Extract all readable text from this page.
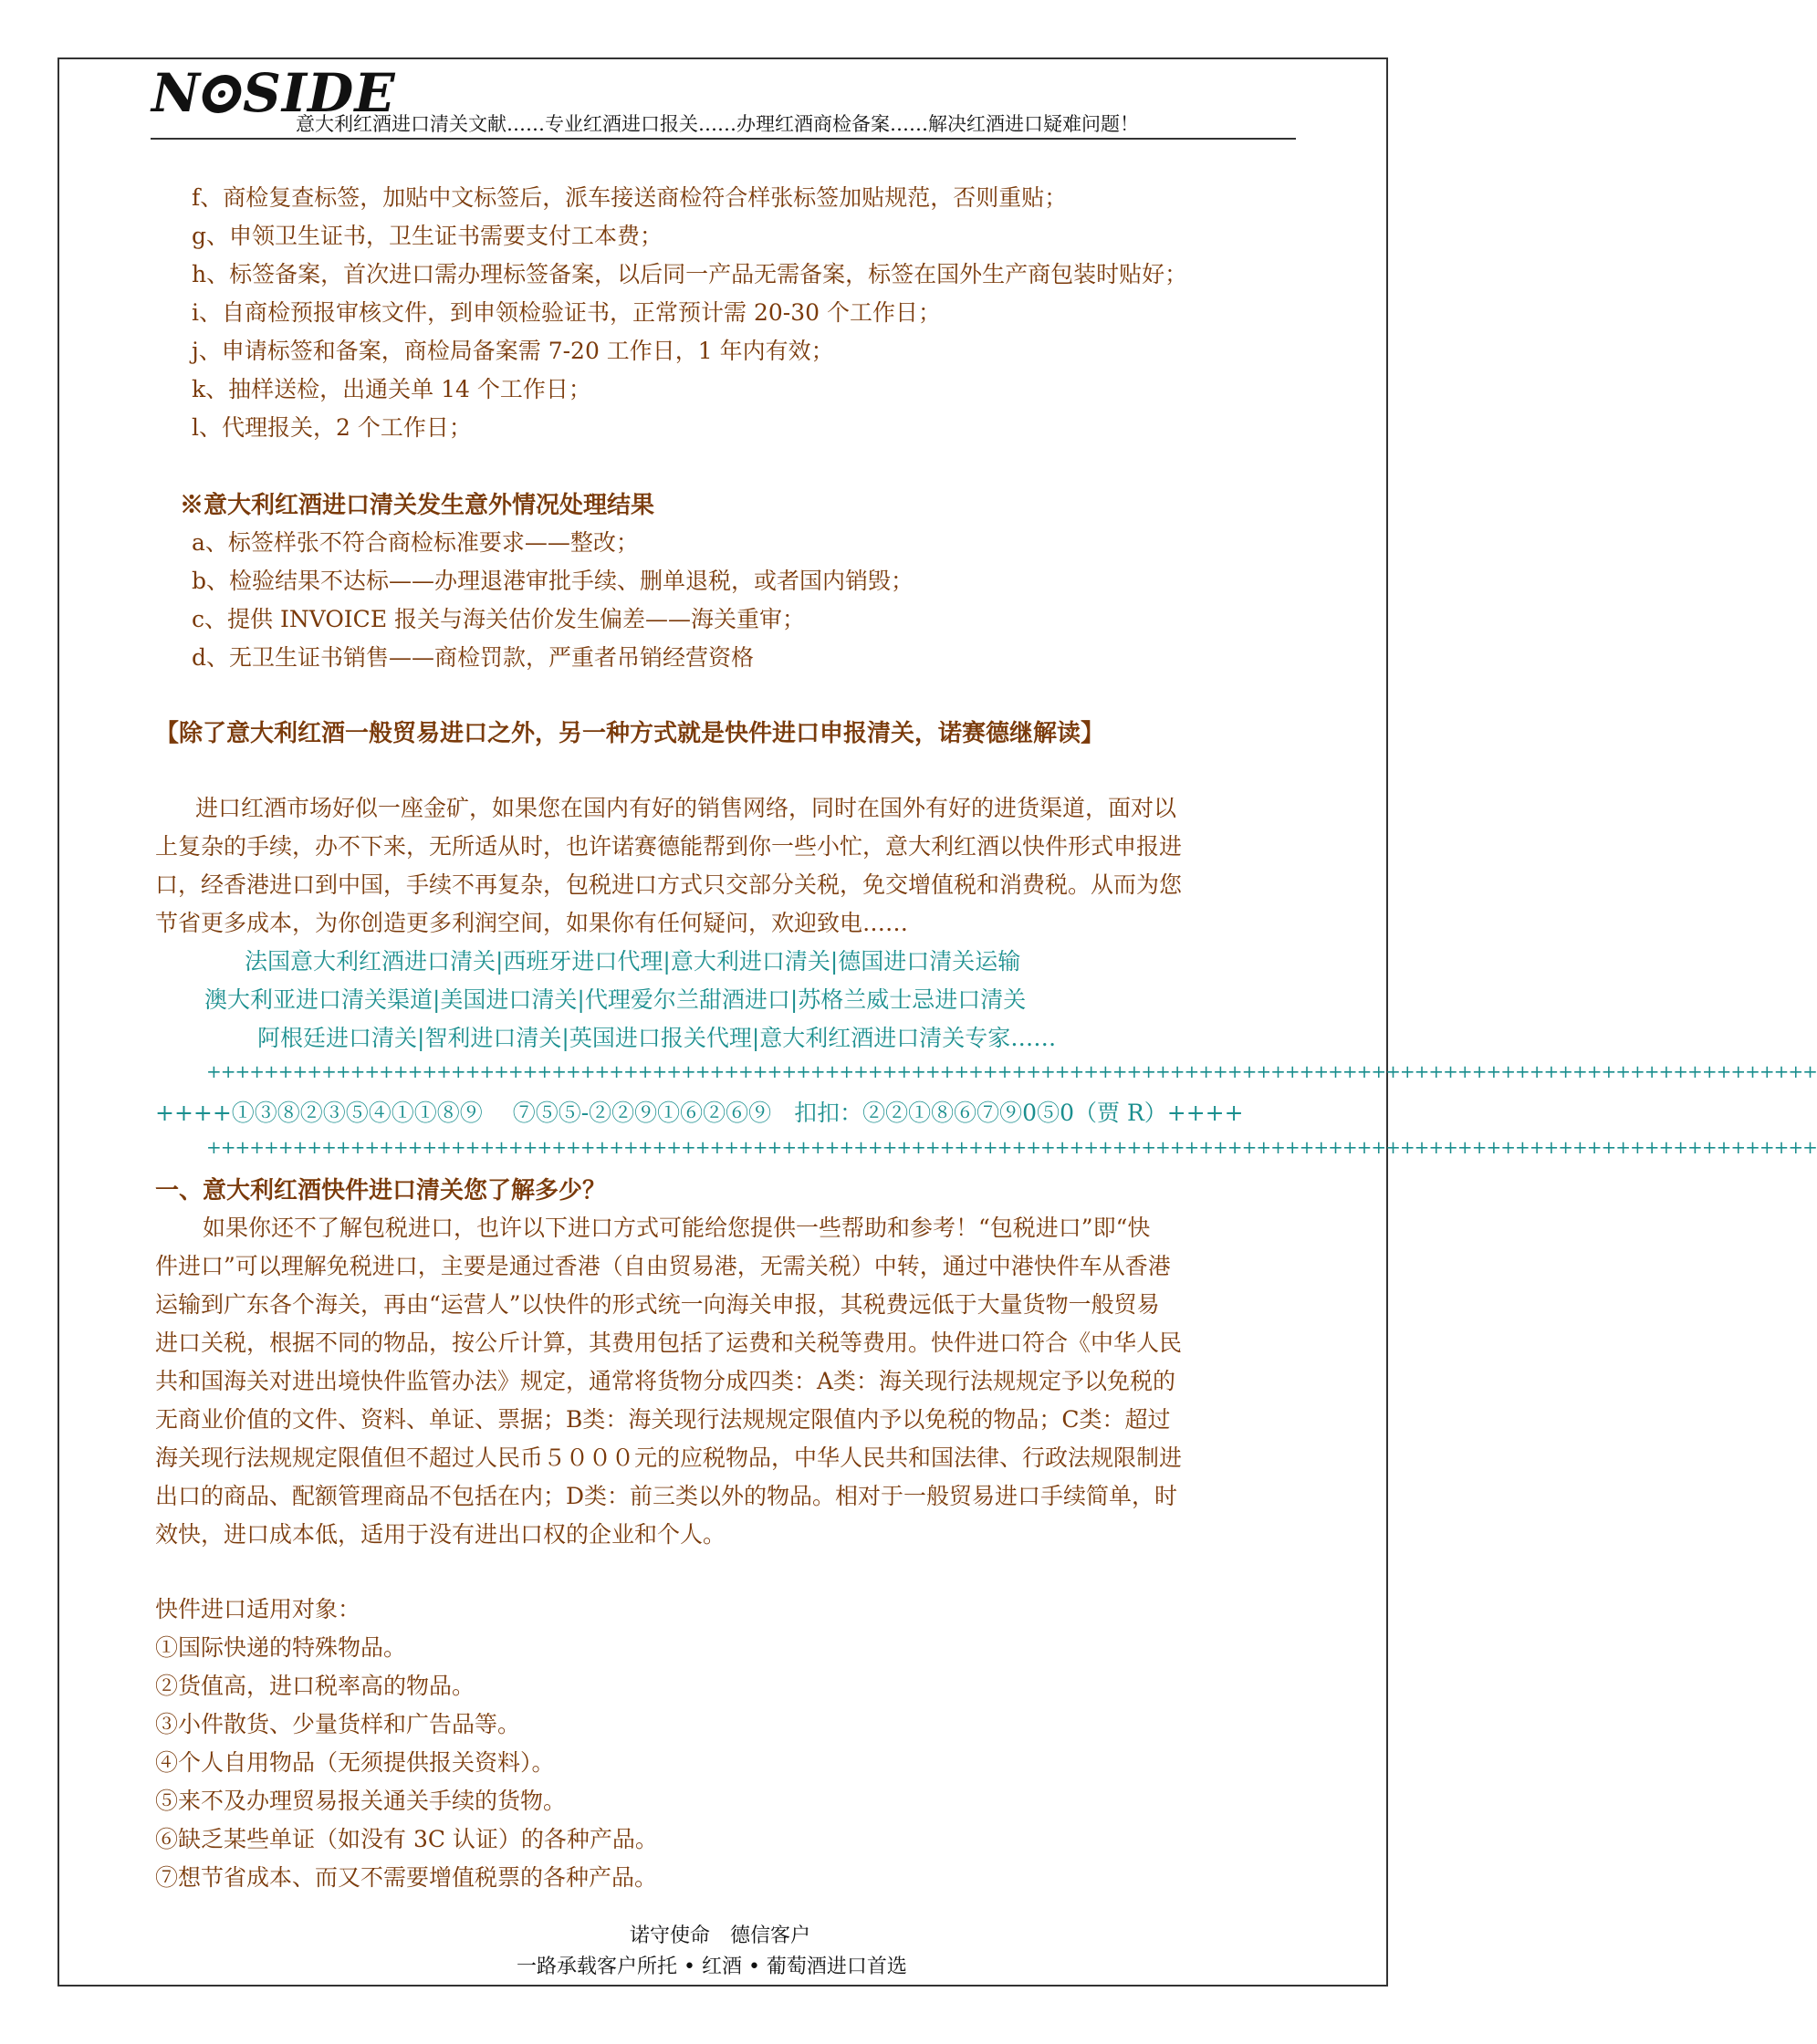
N SIDE
意大利红酒进口清关文献……专业红酒进口报关……办理红酒商检备案……解决红酒进口疑难问题！
f、商检复查标签，加贴中文标签后，派车接送商检符合样张标签加贴规范，否则重贴；
g、申领卫生证书，卫生证书需要支付工本费；
h、标签备案，首次进口需办理标签备案，以后同一产品无需备案，标签在国外生产商包装时贴好；
i、自商检预报审核文件，到申领检验证书，正常预计需 20-30 个工作日；
j、申请标签和备案，商检局备案需 7-20 工作日，1 年内有效；
k、抽样送检，出通关单 14 个工作日；
l、代理报关，2 个工作日；
※意大利红酒进口清关发生意外情况处理结果
a、标签样张不符合商检标准要求——整改；
b、检验结果不达标——办理退港审批手续、删单退税，或者国内销毁；
c、提供 INVOICE 报关与海关估价发生偏差——海关重审；
d、无卫生证书销售——商检罚款，严重者吊销经营资格
【除了意大利红酒一般贸易进口之外，另一种方式就是快件进口申报清关，诺赛德继解读】
进口红酒市场好似一座金矿，如果您在国内有好的销售网络，同时在国外有好的进货渠道，面对以
上复杂的手续，办不下来，无所适从时，也许诺赛德能帮到你一些小忙，意大利红酒以快件形式申报进
口，经香港进口到中国，手续不再复杂，包税进口方式只交部分关税，免交增值税和消费税。从而为您
节省更多成本，为你创造更多利润空间，如果你有任何疑问，欢迎致电……
法国意大利红酒进口清关|西班牙进口代理|意大利进口清关|德国进口清关运输
澳大利亚进口清关渠道|美国进口清关|代理爱尔兰甜酒进口|苏格兰威士忌进口清关
阿根廷进口清关|智利进口清关|英国进口报关代理|意大利红酒进口清关专家……
++++++++++++++++++++++++++++++++++++++++++++++++++++++++++++++++++++++++++++++++++++++++++++++++++++++++++++++++
++++①③⑧②③⑤④①①⑧⑨　 ⑦⑤⑤-②②⑨①⑥②⑥⑨　扣扣：②②①⑧⑥⑦⑨0⑤0（贾 R）++++
++++++++++++++++++++++++++++++++++++++++++++++++++++++++++++++++++++++++++++++++++++++++++++++++++++++++++++++++
一、意大利红酒快件进口清关您了解多少？
如果你还不了解包税进口，也许以下进口方式可能给您提供一些帮助和参考！“包税进口”即“快
件进口”可以理解免税进口，主要是通过香港（自由贸易港，无需关税）中转，通过中港快件车从香港
运输到广东各个海关，再由“运营人”以快件的形式统一向海关申报，其税费远低于大量货物一般贸易
进口关税，根据不同的物品，按公斤计算，其费用包括了运费和关税等费用。快件进口符合《中华人民
共和国海关对进出境快件监管办法》规定，通常将货物分成四类：A类：海关现行法规规定予以免税的
无商业价值的文件、资料、单证、票据；B类：海关现行法规规定限值内予以免税的物品；C类：超过
海关现行法规规定限值但不超过人民币５０００元的应税物品，中华人民共和国法律、行政法规限制进
出口的商品、配额管理商品不包括在内；D类：前三类以外的物品。相对于一般贸易进口手续简单，时
效快，进口成本低，适用于没有进出口权的企业和个人。
快件进口适用对象：
①国际快递的特殊物品。
②货值高，进口税率高的物品。
③小件散货、少量货样和广告品等。
④个人自用物品（无须提供报关资料）。
⑤来不及办理贸易报关通关手续的货物。
⑥缺乏某些单证（如没有 3C 认证）的各种产品。
⑦想节省成本、而又不需要增值税票的各种产品。
诺守使命　德信客户
一路承载客户所托 • 红酒 • 葡萄酒进口首选
